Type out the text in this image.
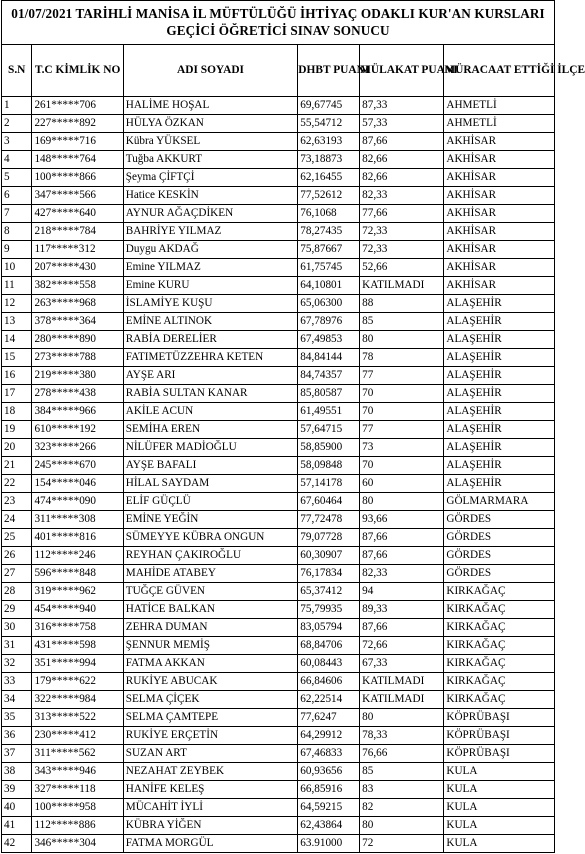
01/07/2021 TARİHLİ MANİSA İL MÜFTÜLÜĞÜ İHTİYAÇ ODAKLI KUR'AN KURSLARI GEÇİCİ ÖĞRETİCİ SINAV SONUCU
S.N	T.C KİMLİK NO	ADI SOYADI	DHBT PUANI	MÜLAKAT PUANI	MÜRACAAT ETTİĞİ İLÇE
1	261*****706	HALİME HOŞAL	69,67745	87,33	AHMETLİ
2	227*****892	HÜLYA ÖZKAN	55,54712	57,33	AHMETLİ
3	169*****716	Kübra YÜKSEL	62,63193	87,66	AKHİSAR
4	148*****764	Tuğba AKKURT	73,18873	82,66	AKHİSAR
5	100*****866	Şeyma ÇİFTÇİ	62,16455	82,66	AKHİSAR
6	347*****566	Hatice KESKİN	77,52612	82,33	AKHİSAR
7	427*****640	AYNUR AĞAÇDİKEN	76,1068	77,66	AKHİSAR
8	218*****784	BAHRİYE YILMAZ	78,27435	72,33	AKHİSAR
9	117*****312	Duygu AKDAĞ	75,87667	72,33	AKHİSAR
10	207*****430	Emine YILMAZ	61,75745	52,66	AKHİSAR
11	382*****558	Emine KURU	64,10801	KATILMADI	AKHİSAR
12	263*****968	İSLAMİYE KUŞU	65,06300	88	ALAŞEHİR
13	378*****364	EMİNE ALTINOK	67,78976	85	ALAŞEHİR
14	280*****890	RABİA DERELİER	67,49853	80	ALAŞEHİR
15	273*****788	FATIMETÜZZEHRA KETEN	84,84144	78	ALAŞEHİR
16	219*****380	AYŞE ARI	84,74357	77	ALAŞEHİR
17	278*****438	RABİA SULTAN KANAR	85,80587	70	ALAŞEHİR
18	384*****966	AKİLE ACUN	61,49551	70	ALAŞEHİR
19	610*****192	SEMİHA EREN	57,64715	77	ALAŞEHİR
20	323*****266	NİLÜFER MADİOĞLU	58,85900	73	ALAŞEHİR
21	245*****670	AYŞE BAFALI	58,09848	70	ALAŞEHİR
22	154*****046	HİLAL SAYDAM	57,14178	60	ALAŞEHİR
23	474*****090	ELİF GÜÇLÜ	67,60464	80	GÖLMARMARA
24	311*****308	EMİNE YEĞİN	77,72478	93,66	GÖRDES
25	401*****816	SÜMEYYE KÜBRA ONGUN	79,07728	87,66	GÖRDES
26	112*****246	REYHAN ÇAKIROĞLU	60,30907	87,66	GÖRDES
27	596*****848	MAHİDE ATABEY	76,17834	82,33	GÖRDES
28	319*****962	TUĞÇE GÜVEN	65,37412	94	KIRKAĞAÇ
29	454*****940	HATİCE BALKAN	75,79935	89,33	KIRKAĞAÇ
30	316*****758	ZEHRA DUMAN	83,05794	87,66	KIRKAĞAÇ
31	431*****598	ŞENNUR MEMİŞ	68,84706	72,66	KIRKAĞAÇ
32	351*****994	FATMA AKKAN	60,08443	67,33	KIRKAĞAÇ
33	179*****622	RUKİYE ABUCAK	66,84606	KATILMADI	KIRKAĞAÇ
34	322*****984	SELMA ÇİÇEK	62,22514	KATILMADI	KIRKAĞAÇ
35	313*****522	SELMA ÇAMTEPE	77,6247	80	KÖPRÜBAŞI
36	230*****412	RUKİYE ERÇETİN	64,29912	78,33	KÖPRÜBAŞI
37	311*****562	SUZAN ART	67,46833	76,66	KÖPRÜBAŞI
38	343*****946	NEZAHAT ZEYBEK	60,93656	85	KULA
39	327*****118	HANİFE KELEŞ	66,85916	83	KULA
40	100*****958	MÜCAHİT İYLİ	64,59215	82	KULA
41	112*****886	KÜBRA YİĞEN	62,43864	80	KULA
42	346*****304	FATMA MORGÜL	63.91000	72	KULA
